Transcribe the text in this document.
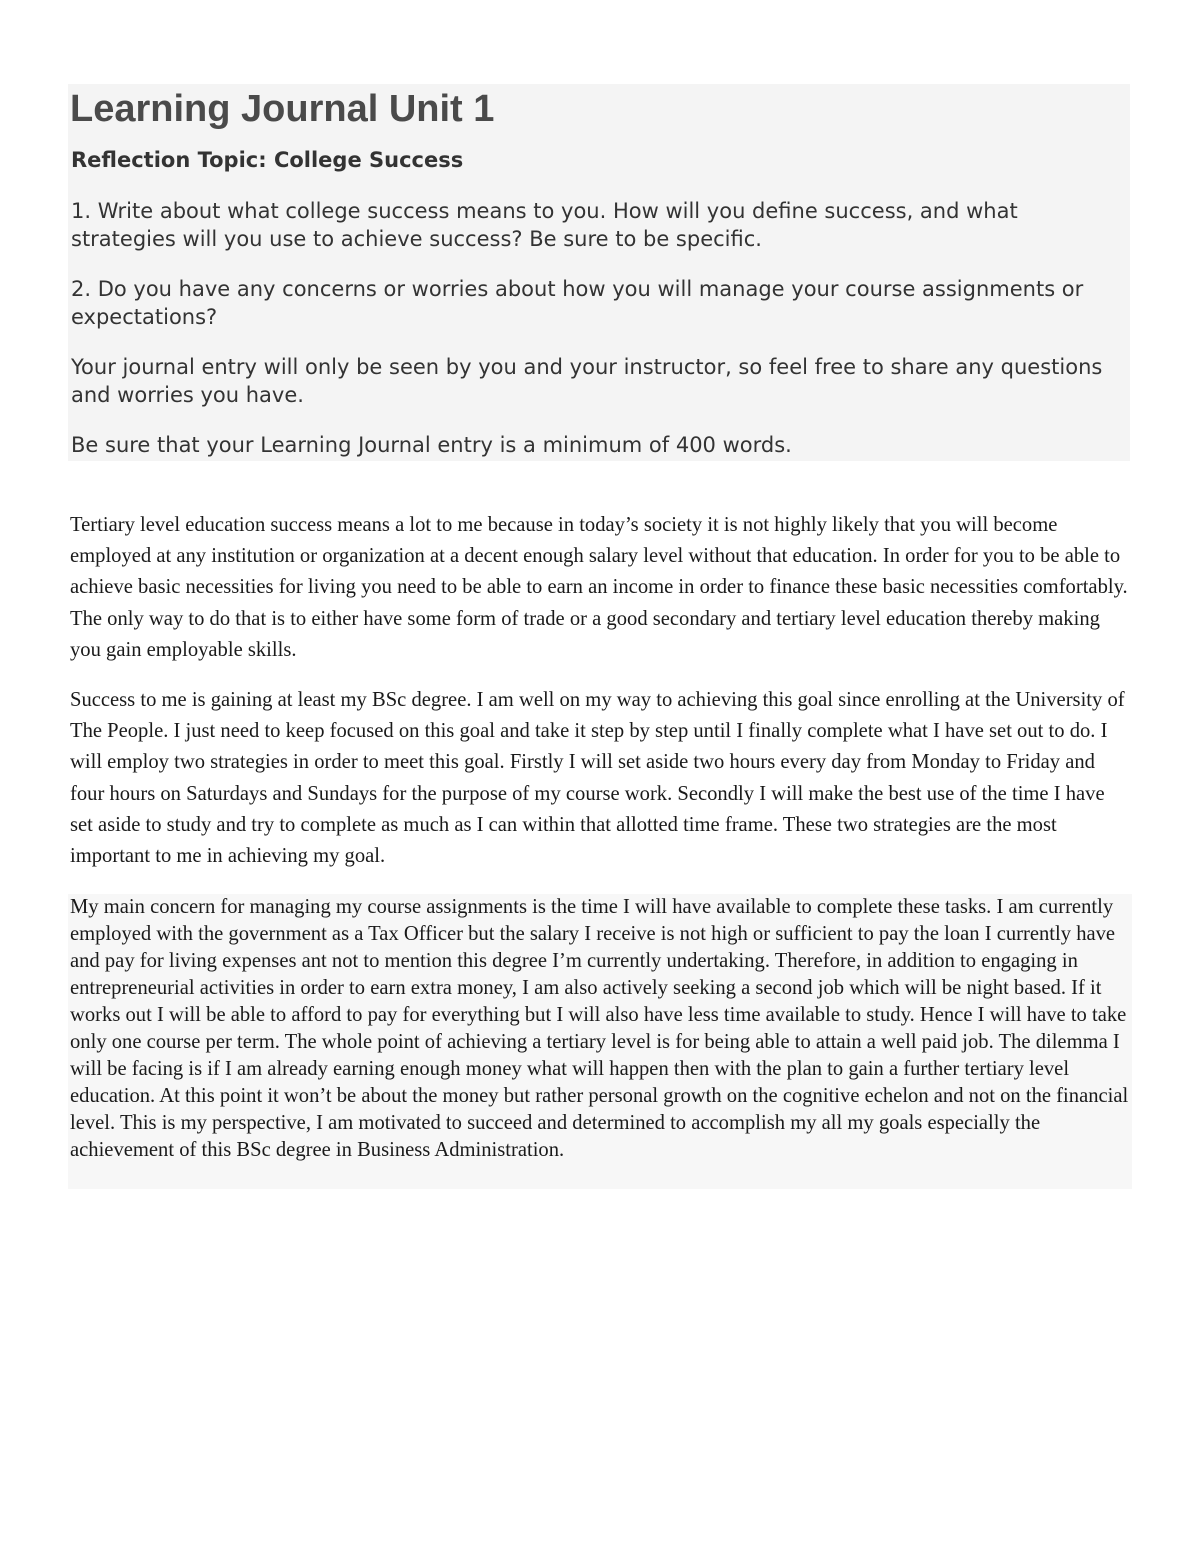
Learning Journal Unit 1

Reflection Topic: College Success

1. Write about what college success means to you. How will you define success, and what strategies will you use to achieve success? Be sure to be specific.

2. Do you have any concerns or worries about how you will manage your course assignments or expectations?

Your journal entry will only be seen by you and your instructor, so feel free to share any questions and worries you have.

Be sure that your Learning Journal entry is a minimum of 400 words.

Tertiary level education success means a lot to me because in today’s society it is not highly likely that you will become employed at any institution or organization at a decent enough salary level without that education. In order for you to be able to achieve basic necessities for living you need to be able to earn an income in order to finance these basic necessities comfortably. The only way to do that is to either have some form of trade or a good secondary and tertiary level education thereby making you gain employable skills.

Success to me is gaining at least my BSc degree. I am well on my way to achieving this goal since enrolling at the University of The People. I just need to keep focused on this goal and take it step by step until I finally complete what I have set out to do. I will employ two strategies in order to meet this goal. Firstly I will set aside two hours every day from Monday to Friday and four hours on Saturdays and Sundays for the purpose of my course work. Secondly I will make the best use of the time I have set aside to study and try to complete as much as I can within that allotted time frame. These two strategies are the most important to me in achieving my goal.

My main concern for managing my course assignments is the time I will have available to complete these tasks. I am currently employed with the government as a Tax Officer but the salary I receive is not high or sufficient to pay the loan I currently have and pay for living expenses ant not to mention this degree I’m currently undertaking. Therefore, in addition to engaging in entrepreneurial activities in order to earn extra money, I am also actively seeking a second job which will be night based. If it works out I will be able to afford to pay for everything but I will also have less time available to study. Hence I will have to take only one course per term. The whole point of achieving a tertiary level is for being able to attain a well paid job. The dilemma I will be facing is if I am already earning enough money what will happen then with the plan to gain a further tertiary level education. At this point it won’t be about the money but rather personal growth on the cognitive echelon and not on the financial level. This is my perspective, I am motivated to succeed and determined to accomplish my all my goals especially the achievement of this BSc degree in Business Administration.
